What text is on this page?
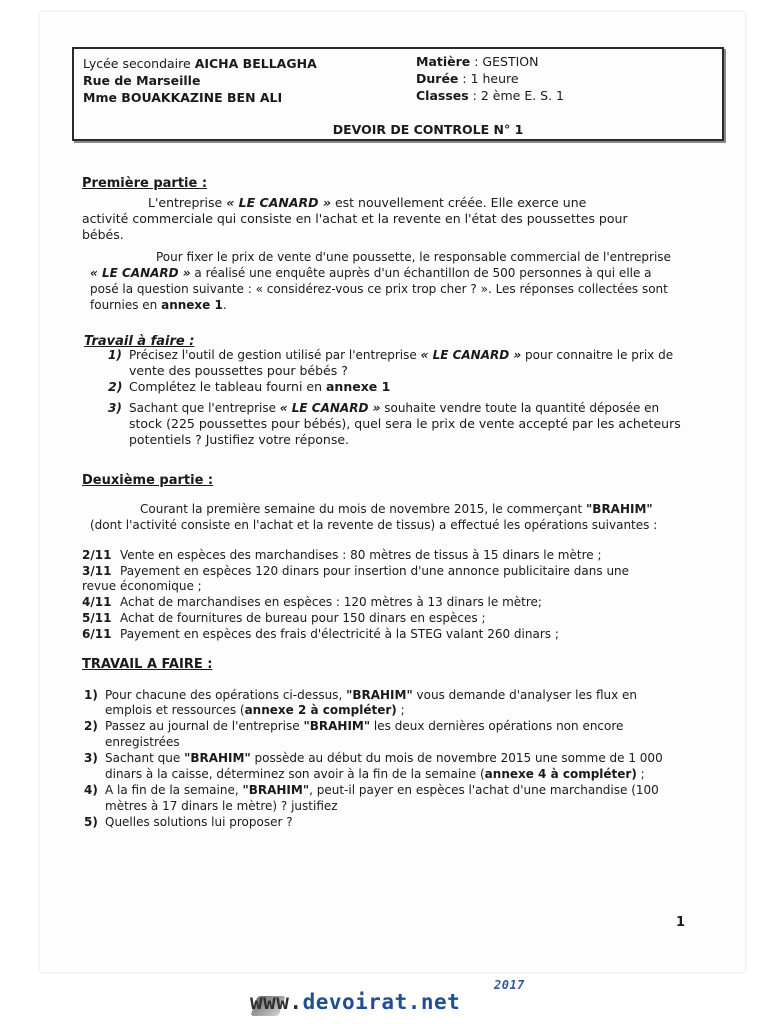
Lycée secondaire AICHA BELLAGHA
Rue de Marseille
Mme BOUAKKAZINE BEN ALI
Matière : GESTION
Durée : 1 heure
Classes : 2 ème E. S. 1
DEVOIR DE CONTROLE N° 1
Première partie :
L'entreprise « LE CANARD » est nouvellement créée. Elle exerce une
activité commerciale qui consiste en l'achat et la revente en l'état des poussettes pour
bébés.
Pour fixer le prix de vente d'une poussette, le responsable commercial de l'entreprise
« LE CANARD » a réalisé une enquête auprès d'un échantillon de 500 personnes à qui elle a
posé la question suivante : « considérez-vous ce prix trop cher ? ». Les réponses collectées sont
fournies en annexe 1.
Travail à faire :
1) Précisez l'outil de gestion utilisé par l'entreprise « LE CANARD » pour connaitre le prix de
vente des poussettes pour bébés ?
2) Complétez le tableau fourni en annexe 1
3) Sachant que l'entreprise « LE CANARD » souhaite vendre toute la quantité déposée en
stock (225 poussettes pour bébés), quel sera le prix de vente accepté par les acheteurs
potentiels ? Justifiez votre réponse.
Deuxième partie :
Courant la première semaine du mois de novembre 2015, le commerçant "BRAHIM"
(dont l'activité consiste en l'achat et la revente de tissus) a effectué les opérations suivantes :
2/11 Vente en espèces des marchandises : 80 mètres de tissus à 15 dinars le mètre ;
3/11 Payement en espèces 120 dinars pour insertion d'une annonce publicitaire dans une
revue économique ;
4/11 Achat de marchandises en espèces : 120 mètres à 13 dinars le mètre;
5/11 Achat de fournitures de bureau pour 150 dinars en espèces ;
6/11 Payement en espèces des frais d'électricité à la STEG valant 260 dinars ;
TRAVAIL A FAIRE :
1) Pour chacune des opérations ci-dessus, "BRAHIM" vous demande d'analyser les flux en
emplois et ressources (annexe 2 à compléter) ;
2) Passez au journal de l'entreprise "BRAHIM" les deux dernières opérations non encore
enregistrées
3) Sachant que "BRAHIM" possède au début du mois de novembre 2015 une somme de 1 000
dinars à la caisse, déterminez son avoir à la fin de la semaine (annexe 4 à compléter) ;
4) A la fin de la semaine, "BRAHIM", peut-il payer en espèces l'achat d'une marchandise (100
mètres à 17 dinars le mètre) ? justifiez
5) Quelles solutions lui proposer ?
1
www.devoirat.net
2017
